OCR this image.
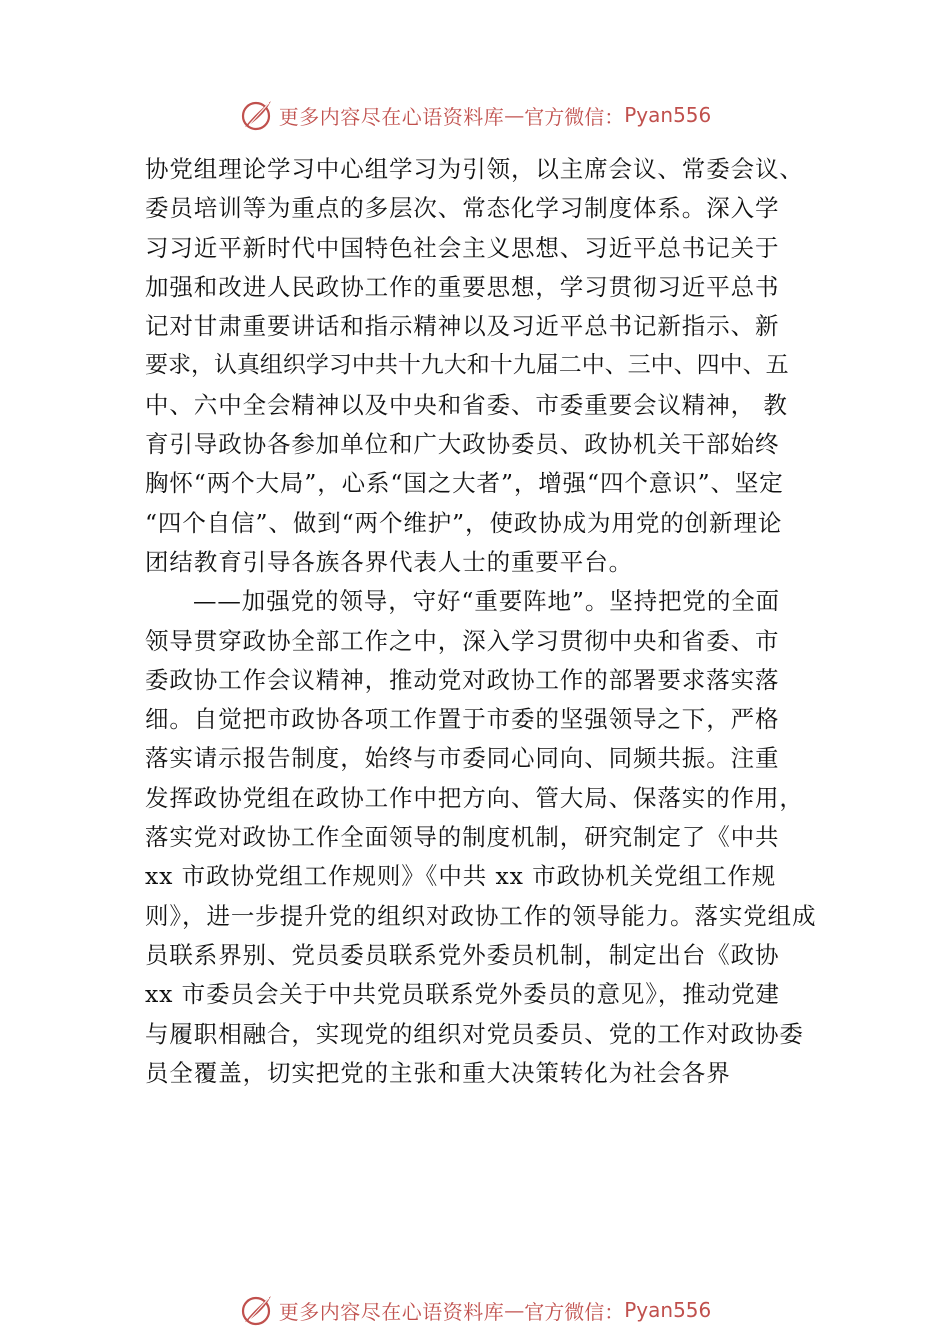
更多内容尽在心语资料库 — 官方微信： Pyan556
协党组理论学习中心组学习为引领，以主席会议、常委会议、
委员培训等为重点的多层次、常态化学习制度体系。深入学
习习近平新时代中国特色社会主义思想、习近平总书记关于
加强和改进人民政协工作的重要思想，学习贯彻习近平总书
记对甘肃重要讲话和指示精神以及习近平总书记新指示、新
要求，认真组织学习中共十九大和十九届二中、三中、四中、五
中、六中全会精神以及中央和省委、市委重要会议精神， 教
育引导政协各参加单位和广大政协委员、政协机关干部始终
胸怀“两个大局”，心系“国之大者”，增强“四个意识”、坚定
“四个自信”、做到“两个维护”，使政协成为用党的创新理论
团结教育引导各族各界代表人士的重要平台。
——加强党的领导，守好“重要阵地”。坚持把党的全面
领导贯穿政协全部工作之中，深入学习贯彻中央和省委、市
委政协工作会议精神，推动党对政协工作的部署要求落实落
细。自觉把市政协各项工作置于市委的坚强领导之下，严格
落实请示报告制度，始终与市委同心同向、同频共振。注重
发挥政协党组在政协工作中把方向、管大局、保落实的作用，
落实党对政协工作全面领导的制度机制，研究制定了《中共
xx 市政协党组工作规则》《中共 xx 市政协机关党组工作规
则》，进一步提升党的组织对政协工作的领导能力。落实党组成
员联系界别、党员委员联系党外委员机制，制定出台《政协
xx 市委员会关于中共党员联系党外委员的意见》，推动党建
与履职相融合，实现党的组织对党员委员、党的工作对政协委
员全覆盖，切实把党的主张和重大决策转化为社会各界
更多内容尽在心语资料库 — 官方微信： Pyan556
